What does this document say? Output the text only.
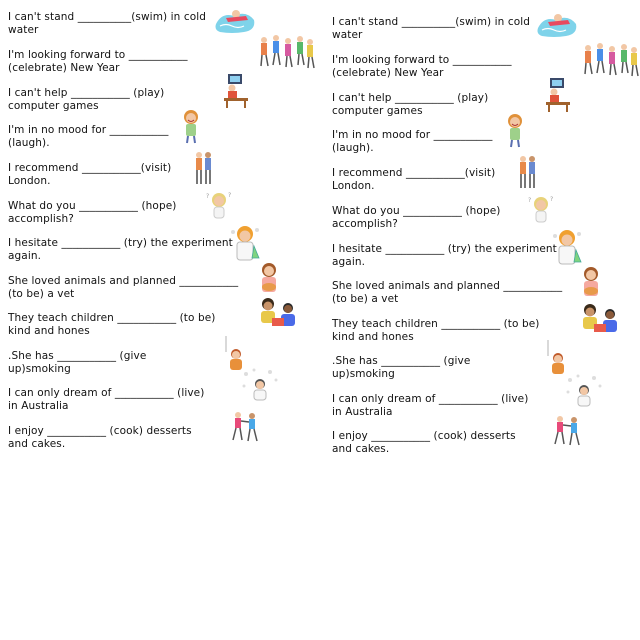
I can't stand __________(swim) in cold
water
I'm looking forward to ___________
(celebrate) New Year
I can't help ___________ (play)
computer games
I'm in no mood for ___________
(laugh).
I recommend ___________(visit)
London.
What do you ___________ (hope)
accomplish?
?	?
I hesitate ___________ (try) the experiment
again.
She loved animals and planned ___________
(to be) a vet
They teach children ___________ (to be)
kind and hones
.She has ___________ (give
up)smoking
I can only dream of ___________ (live)
in Australia
I enjoy ___________ (cook) desserts
and cakes.
I can't stand __________(swim) in cold
water
I'm looking forward to ___________
(celebrate) New Year
I can't help ___________ (play)
computer games
I'm in no mood for ___________
(laugh).
I recommend ___________(visit)
London.
What do you ___________ (hope)
accomplish?
?	?
I hesitate ___________ (try) the experiment
again.
She loved animals and planned ___________
(to be) a vet
They teach children ___________ (to be)
kind and hones
.She has ___________ (give
up)smoking
I can only dream of ___________ (live)
in Australia
I enjoy ___________ (cook) desserts
and cakes.
